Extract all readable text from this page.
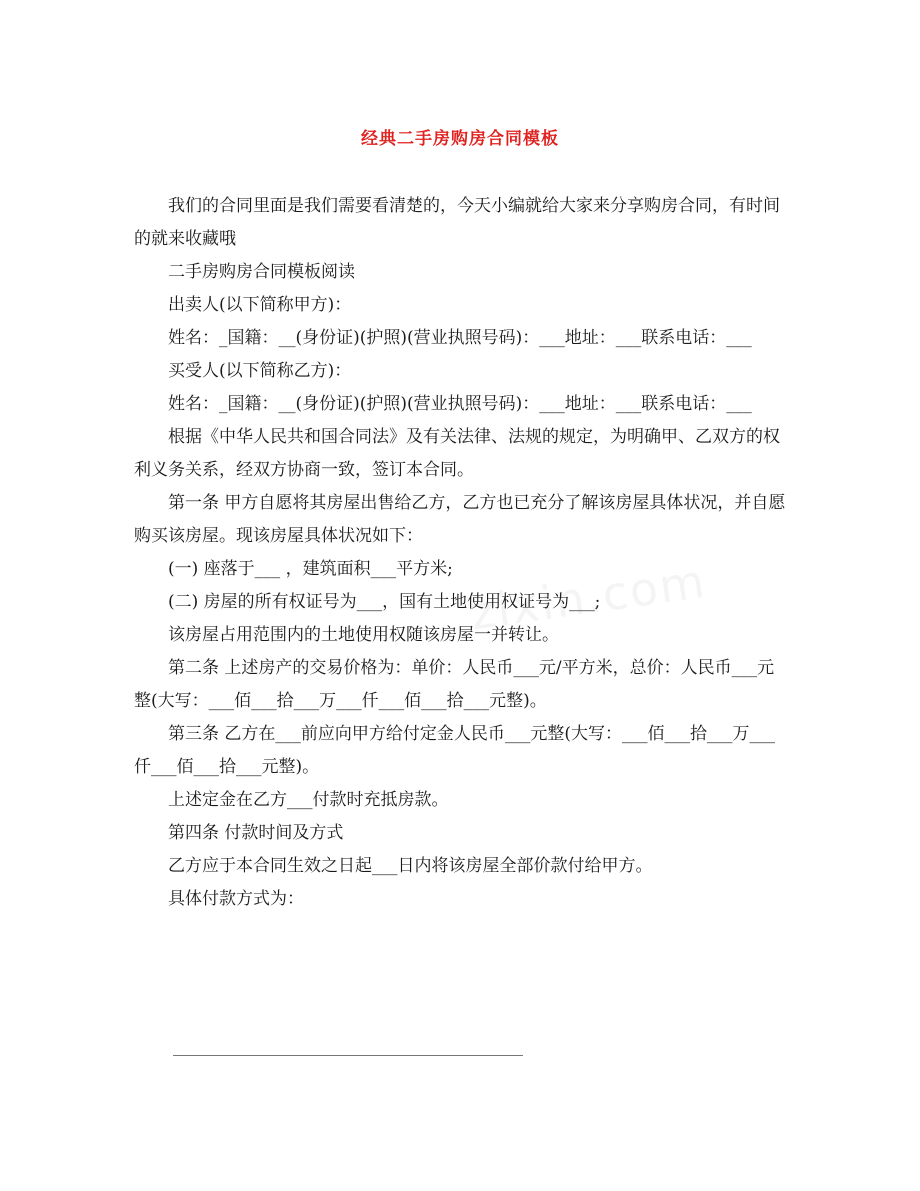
经典二手房购房合同模板

我们的合同里面是我们需要看清楚的，今天小编就给大家来分享购房合同，有时间的就来收藏哦

二手房购房合同模板阅读

出卖人(以下简称甲方)：

姓名：_国籍：__(身份证)(护照)(营业执照号码)：___地址：___联系电话：___

买受人(以下简称乙方)：

姓名：_国籍：__(身份证)(护照)(营业执照号码)：___地址：___联系电话：___

根据《中华人民共和国合同法》及有关法律、法规的规定，为明确甲、乙双方的权利义务关系，经双方协商一致，签订本合同。

第一条 甲方自愿将其房屋出售给乙方，乙方也已充分了解该房屋具体状况，并自愿购买该房屋。现该房屋具体状况如下：

(一) 座落于___ ，建筑面积___平方米;

(二) 房屋的所有权证号为___，国有土地使用权证号为___;

该房屋占用范围内的土地使用权随该房屋一并转让。

第二条 上述房产的交易价格为：单价：人民币___元/平方米，总价：人民币___元整(大写：___佰___拾___万___仟___佰___拾___元整)。

第三条 乙方在___前应向甲方给付定金人民币___元整(大写：___佰___拾___万___仟___佰___拾___元整)。

上述定金在乙方___付款时充抵房款。

第四条 付款时间及方式

乙方应于本合同生效之日起___日内将该房屋全部价款付给甲方。

具体付款方式为：
